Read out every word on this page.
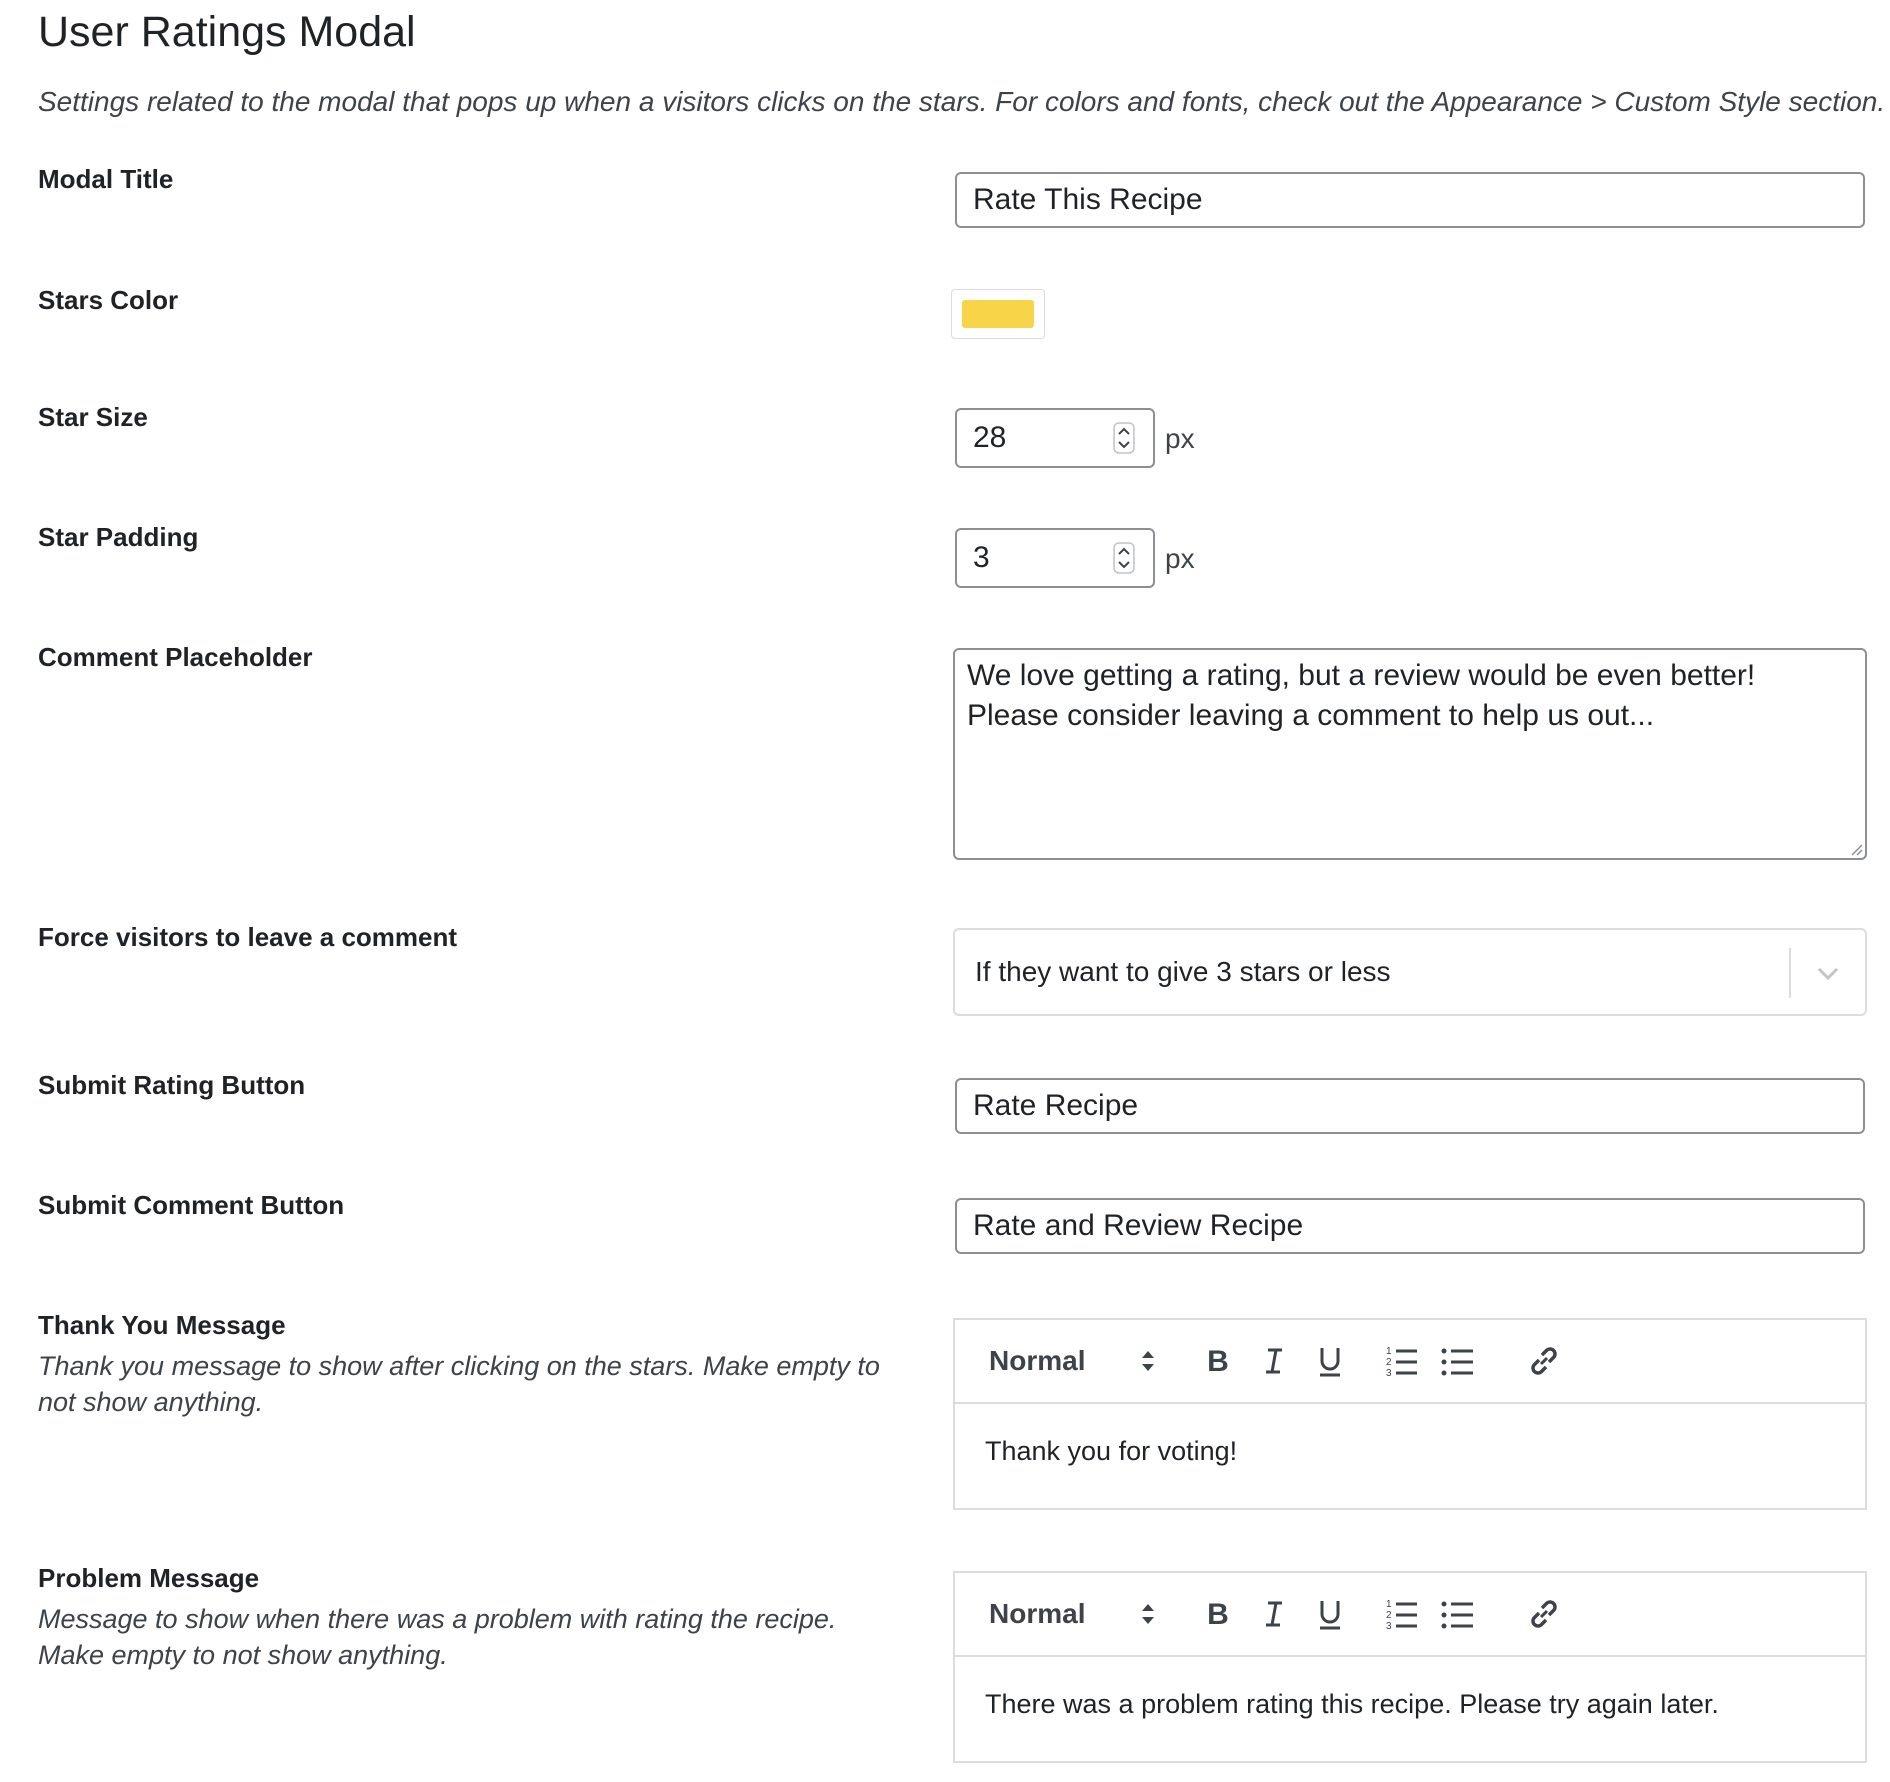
User Ratings Modal
Settings related to the modal that pops up when a visitors clicks on the stars. For colors and fonts, check out the Appearance > Custom Style section.
Modal Title
Rate This Recipe
Stars Color
Star Size
28	px
Star Padding
3	px
Comment Placeholder
We love getting a rating, but a review would be even better! Please consider leaving a comment to help us out...
Force visitors to leave a comment
If they want to give 3 stars or less
Submit Rating Button
Rate Recipe
Submit Comment Button
Rate and Review Recipe
Thank You Message
Thank you message to show after clicking on the stars. Make empty to not show anything.
Normal	B	1
2
3
Thank you for voting!
Problem Message
Message to show when there was a problem with rating the recipe. Make empty to not show anything.
Normal	B	1
2
3
There was a problem rating this recipe. Please try again later.
